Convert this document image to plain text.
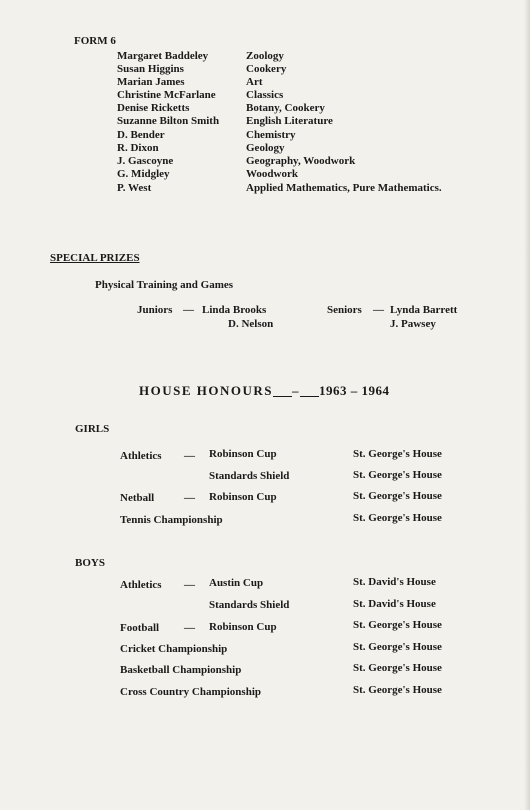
FORM 6
Margaret Baddeley	Zoology
Susan Higgins	Cookery
Marian James	Art
Christine McFarlane	Classics
Denise Ricketts	Botany, Cookery
Suzanne Bilton Smith English Literature
D. Bender	Chemistry
R. Dixon	Geology
J. Gascoyne	Geography, Woodwork
G. Midgley	Woodwork
P. West	Applied Mathematics, Pure Mathematics.
SPECIAL PRIZES
Physical Training and Games
Juniors — Linda Brooks
D. Nelson
Seniors — Lynda Barrett
J. Pawsey
HOUSE HONOURS – 1963 – 1964
GIRLS
Athletics — Robinson Cup	St. George's House
Standards Shield	St. George's House
Netball	— Robinson Cup	St. George's House
Tennis Championship	St. George's House
BOYS
Athletics — Austin Cup	St. David's House
Standards Shield	St. David's House
Football — Robinson Cup	St. George's House
Cricket Championship	St. George's House
Basketball Championship	St. George's House
Cross Country Championship	St. George's House
